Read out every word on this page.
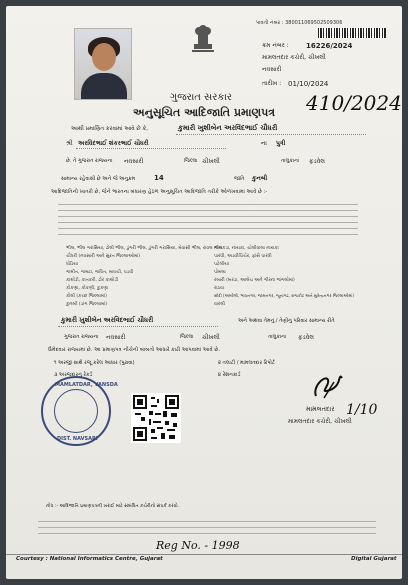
પાવતી નંબર : 380011069502509306
ક્રમ નંબર : 16226/2024
મામલતદાર કચેરી, ચીખલી
નવસારી
તારીખ : 01/10/2024
410/2024
ગુજરાત સરકાર
અનુસૂચિત આદિજાતિ પ્રમાણપત્ર
આથી પ્રમાણિત કરવામાં આવે છે કે,	કુમારી ખુશીબેન અરવિંદભાઈ ચૌધરી
શ્રી અરવિંદભાઈ શંકરભાઈ ચૌધરી	ના પુત્રી
છે. તે ગુજરાત રાજ્યના નવસારી	જિલ્લા ચીખલી	તાલુકાના ફડવેલ
સામાન્ય રહેવાસી છે અને જે અનુક્રમ	14	જાતિ કુનબી
આદિજાતિની ખાતરી છે, જેને ભારતના બંધારણ હેઠળ અનુસૂચિત આદિજાતિ તરીકે ઓળખવામાં આવે છે :-
ભીલ, ભીલ ગરાસિયા, ઢોલી ભીલ, ડુંગરી ભીલ, ડુંગરી ગરાસિયા, મેવાસી ભીલ, રાવલ ભીલ
ચૌધરી (નવસારી અને સુરત જિલ્લાઓમાં)
ધોડિયા
ગામીત, ગામટા, ગાવિત, માવચી, પડવી
કાથોડી, કાતકરી, ઢોર કાથોડી
કોકણા, કોકણી, કુકણા
કોલી (કચ્છ જિલ્લામાં)
કુનબી (ડાંગ જિલ્લામાં)
નાયકડા, નાયકા, ચોલીવાલા નાયકા
પારધી, અડવીચિંચેર, ફાંસે પારધી
પટેલીયા
પોમલા
રબારી (બરડા, આલેચ અને ગીરના જંગલોમાં)
રાઠવા
સીદી (અમરેલી, ભાવનગર, જામનગર, જૂનાગઢ, રાજકોટ અને સુરેન્દ્રનગર જિલ્લાઓમાં)
વારલી
કુમારી ખુશીબેન અરવિંદભાઈ ચૌધરી	અને અથવા તેમનું / તેણીનું પરિવાર સામાન્ય રીતે
ગુજરાત રાજ્યના નવસારી	જિલ્લા ચીખલી	તાલુકાના ફડવેલ
ઉમેદવાર રાજ્યમાં છે. આ પ્રમાણપત્ર નીચેની બાબતો આધારે કાઢી આપવામાં આવે છે.
૧ અરજી સાથે રજૂ કરેલ આધાર (પુરાવા)	૨ તલાટી / મામલતદાર રિપોર્ટ
૩ અરજદારનું રેકર્ડ	૪ રેશનકાર્ડ
MAMLATDAR, VANSDA
DIST. NAVSARI
મામલતદાર
મામલતદાર કચેરી, ચીખલી
1/10
નોંધ :- આદિજાતિ પ્રમાણપત્રની ખરાઈ માટે સંબંધિત કચેરીનો સંપર્ક કરવો.
Reg No. - 1998
Courtesy : National Informatics Centre, Gujarat	Digital Gujarat
